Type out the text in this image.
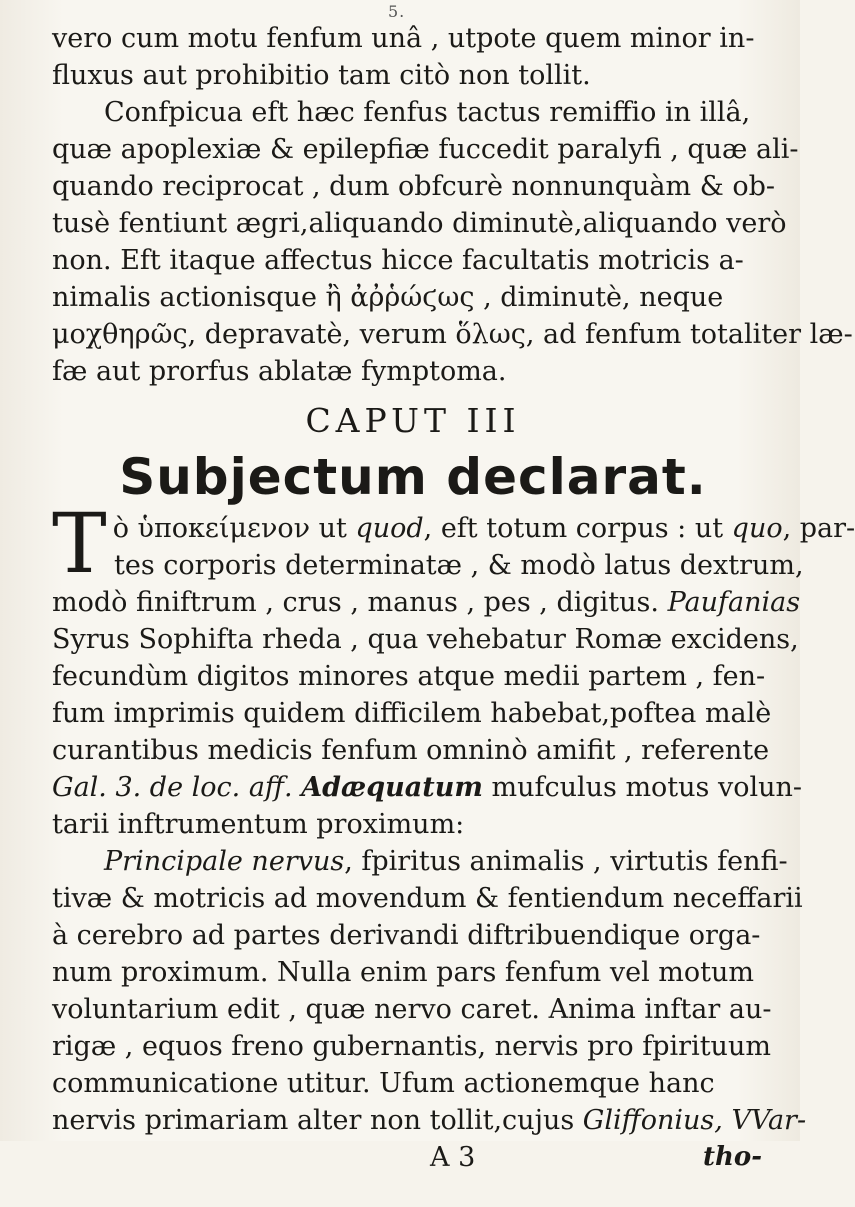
5.
vero cum motu fenfum unâ , utpote quem minor in-
fluxus aut prohibitio tam citò non tollit.
Confpicua eft hæc fenfus tactus remiffio in illâ,
quæ apoplexiæ & epilepfiæ fuccedit paralyfi , quæ ali-
quando reciprocat , dum obfcurè nonnunquàm & ob-
tusè fentiunt ægri,aliquando diminutè,aliquando verò
non. Eft itaque affectus hicce facultatis motricis a-
nimalis actionisque ἢ ἀῤῥώϛως , diminutè, neque
μοχθηρῶς, depravatè, verum ὅλως, ad fenfum totaliter læ-
fæ aut prorfus ablatæ fymptoma.
CAPUT III
Subjectum declarat.
Tὸ ὑποκείμενον ut quod, eft totum corpus : ut quo, par-
tes corporis determinatæ , & modò latus dextrum,
modò finiftrum , crus , manus , pes , digitus. Paufanias
Syrus Sophifta rheda , qua vehebatur Romæ excidens,
fecundùm digitos minores atque medii partem , fen-
fum imprimis quidem difficilem habebat,poftea malè
curantibus medicis fenfum omninò amifit , referente
Gal. 3. de loc. aff. Adæquatum mufculus motus volun-
tarii inftrumentum proximum:
Principale nervus, fpiritus animalis , virtutis fenfi-
tivæ & motricis ad movendum & fentiendum neceffarii
à cerebro ad partes derivandi diftribuendique orga-
num proximum. Nulla enim pars fenfum vel motum
voluntarium edit , quæ nervo caret. Anima inftar au-
rigæ , equos freno gubernantis, nervis pro fpirituum
communicatione utitur. Ufum actionemque hanc
nervis primariam alter non tollit,cujus Gliffonius, VVar-
A 3	tho-
